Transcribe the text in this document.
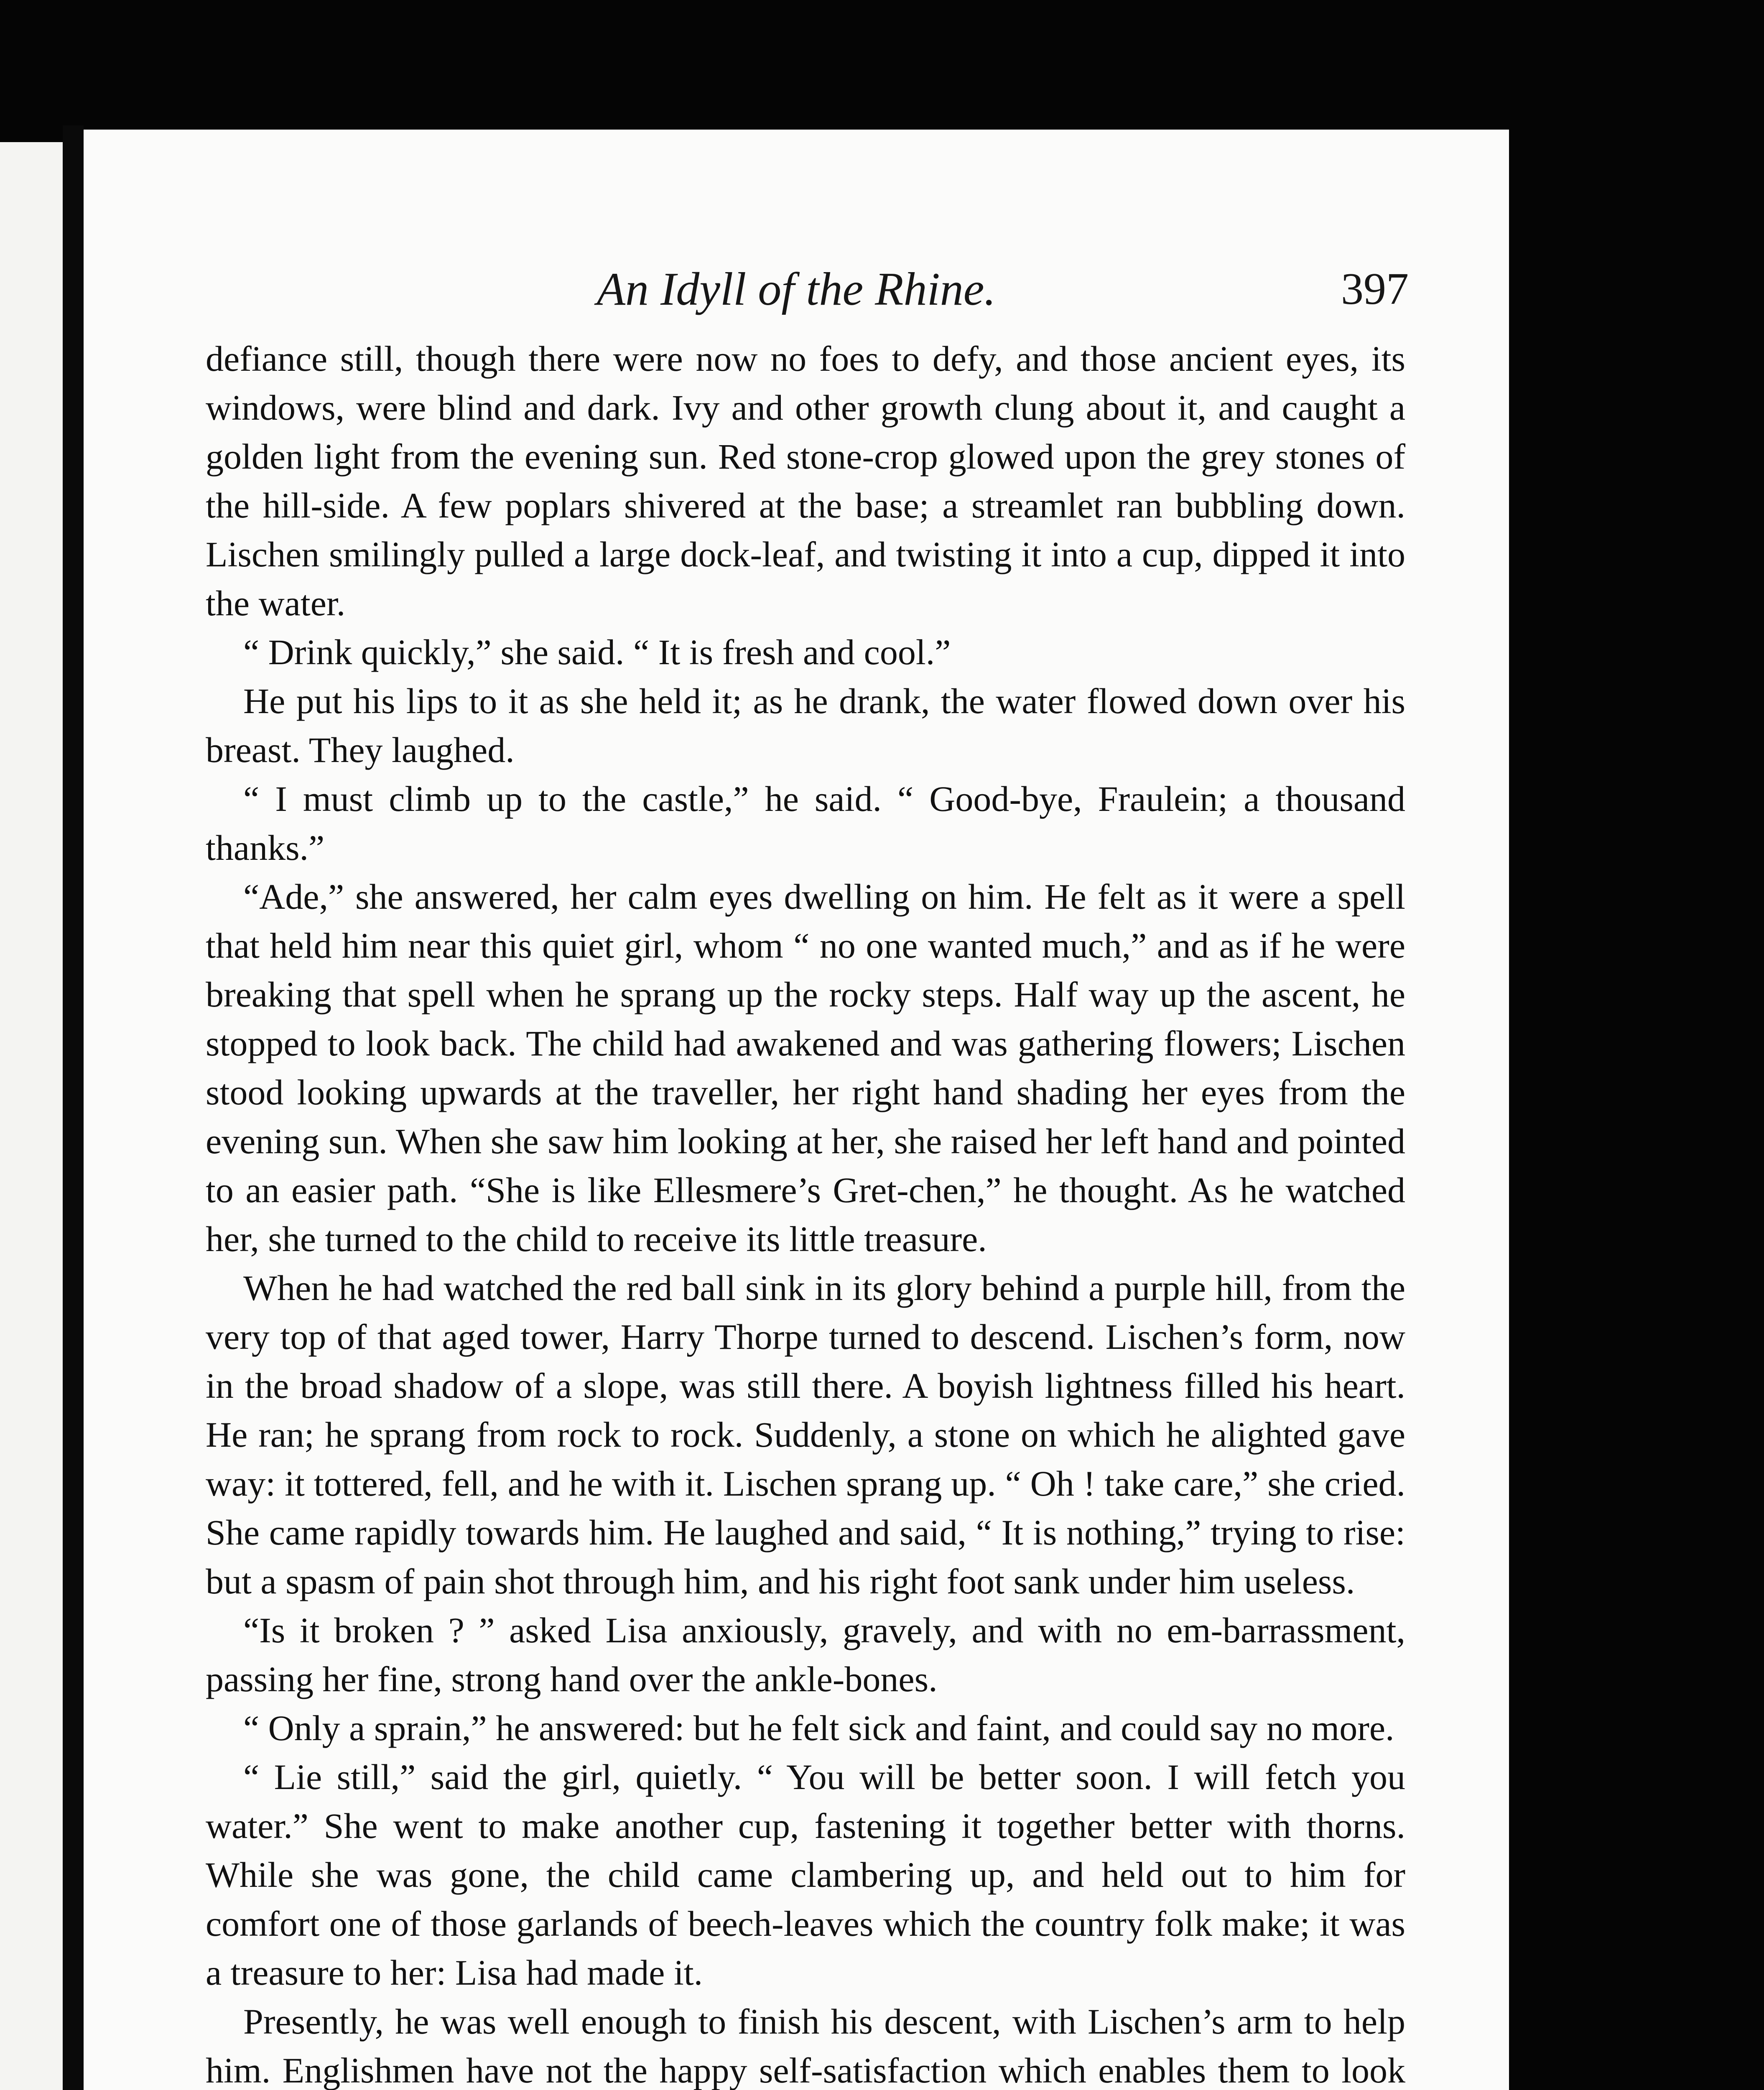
An Idyll of the Rhine.	397

defiance still, though there were now no foes to defy, and those ancient eyes, its windows, were blind and dark. Ivy and other growth clung about it, and caught a golden light from the evening sun. Red stone-crop glowed upon the grey stones of the hill-side. A few poplars shivered at the base; a streamlet ran bubbling down. Lischen smilingly pulled a large dock-leaf, and twisting it into a cup, dipped it into the water.

“ Drink quickly,” she said. “ It is fresh and cool.”

He put his lips to it as she held it; as he drank, the water flowed down over his breast. They laughed.

“ I must climb up to the castle,” he said. “ Good-bye, Fraulein; a thousand thanks.”

“Ade,” she answered, her calm eyes dwelling on him. He felt as it were a spell that held him near this quiet girl, whom “ no one wanted much,” and as if he were breaking that spell when he sprang up the rocky steps. Half way up the ascent, he stopped to look back. The child had awakened and was gathering flowers; Lischen stood looking upwards at the traveller, her right hand shading her eyes from the evening sun. When she saw him looking at her, she raised her left hand and pointed to an easier path. “She is like Ellesmere’s Gret-chen,” he thought. As he watched her, she turned to the child to receive its little treasure.

When he had watched the red ball sink in its glory behind a purple hill, from the very top of that aged tower, Harry Thorpe turned to descend. Lischen’s form, now in the broad shadow of a slope, was still there. A boyish lightness filled his heart. He ran; he sprang from rock to rock. Suddenly, a stone on which he alighted gave way: it tottered, fell, and he with it. Lischen sprang up. “ Oh ! take care,” she cried. She came rapidly towards him. He laughed and said, “ It is nothing,” trying to rise: but a spasm of pain shot through him, and his right foot sank under him useless.

“Is it broken ? ” asked Lisa anxiously, gravely, and with no em-barrassment, passing her fine, strong hand over the ankle-bones.

“ Only a sprain,” he answered: but he felt sick and faint, and could say no more.

“ Lie still,” said the girl, quietly. “ You will be better soon. I will fetch you water.” She went to make another cup, fastening it together better with thorns. While she was gone, the child came clambering up, and held out to him for comfort one of those garlands of beech-leaves which the country folk make; it was a treasure to her: Lisa had made it.

Presently, he was well enough to finish his descent, with Lischen’s arm to help him. Englishmen have not the happy self-satisfaction which enables them to look
